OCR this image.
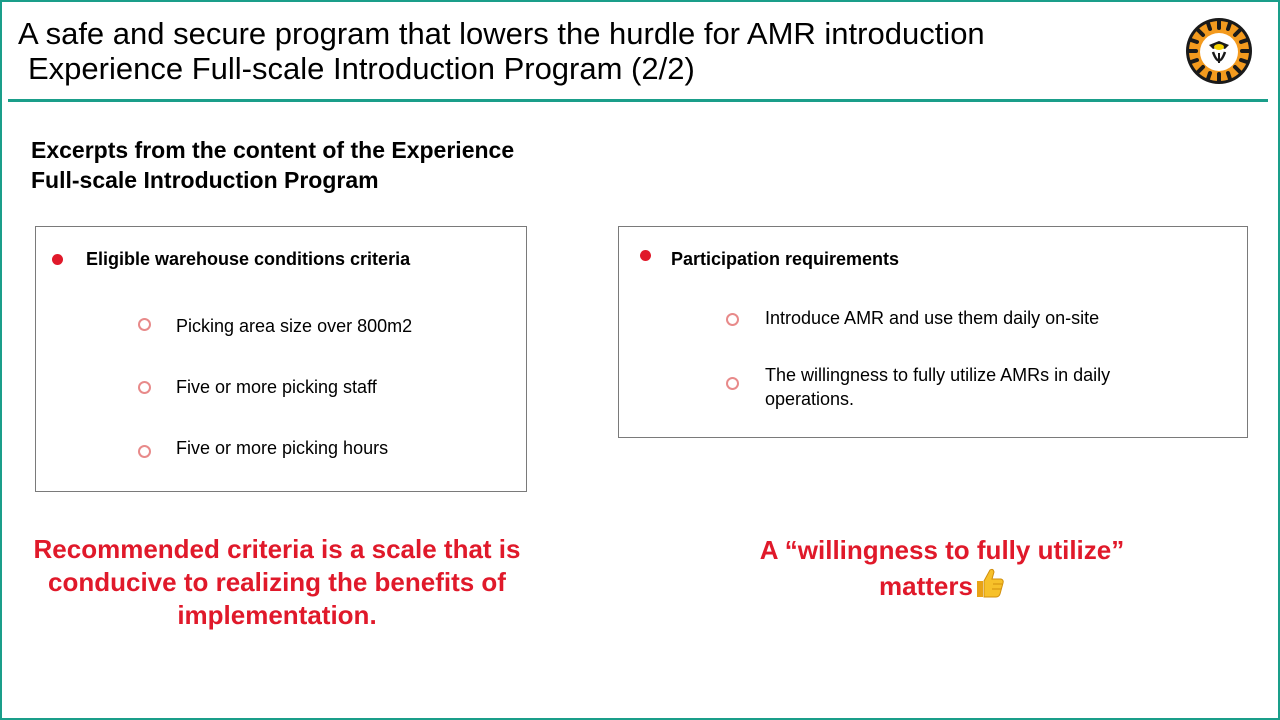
A safe and secure program that lowers the hurdle for AMR introduction
Experience Full-scale Introduction Program (2/2)
Excerpts from the content of the Experience
Full-scale Introduction Program
Eligible warehouse conditions criteria
Picking area size over 800m2
Five or more picking staff
Five or more picking hours
Participation requirements
Introduce AMR and use them daily on-site
The willingness to fully utilize AMRs in daily operations.
Recommended criteria is a scale that is conducive to realizing the benefits of implementation.
A “willingness to fully utilize”
matters
